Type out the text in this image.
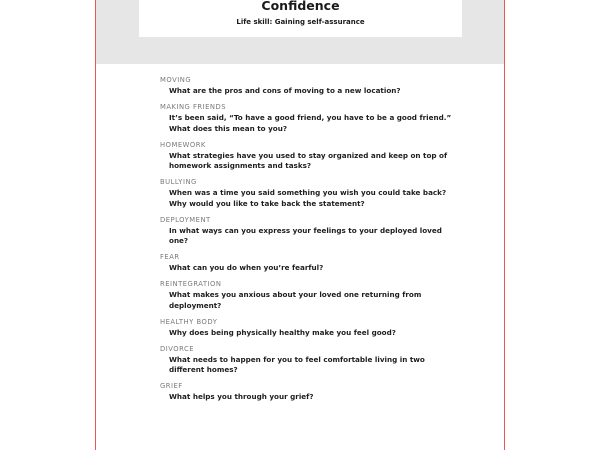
Confidence

Life skill: Gaining self-assurance

MOVING

What are the pros and cons of moving to a new location?

MAKING FRIENDS

It’s been said, “To have a good friend, you have to be a good friend.” What does this mean to you?

HOMEWORK

What strategies have you used to stay organized and keep on top of homework assignments and tasks?

BULLYING

When was a time you said something you wish you could take back? Why would you like to take back the statement?

DEPLOYMENT

In what ways can you express your feelings to your deployed loved one?

FEAR

What can you do when you’re fearful?

REINTEGRATION

What makes you anxious about your loved one returning from deployment?

HEALTHY BODY

Why does being physically healthy make you feel good?

DIVORCE

What needs to happen for you to feel comfortable living in two different homes?

GRIEF

What helps you through your grief?
